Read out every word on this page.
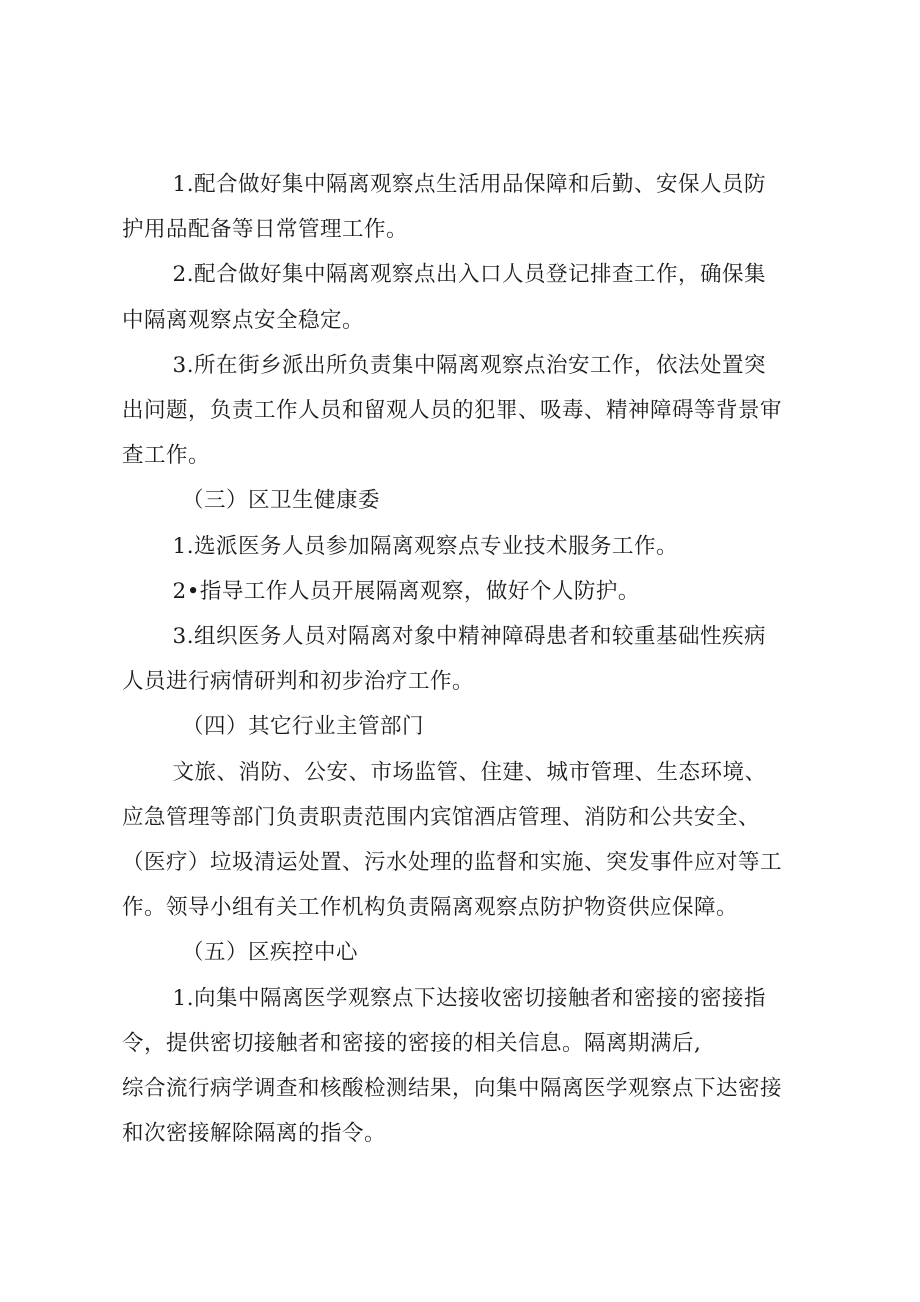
1.配合做好集中隔离观察点生活用品保障和后勤、安保人员防
护用品配备等日常管理工作。

2.配合做好集中隔离观察点出入口人员登记排查工作，确保集
中隔离观察点安全稳定。

3.所在街乡派出所负责集中隔离观察点治安工作，依法处置突
出问题，负责工作人员和留观人员的犯罪、吸毒、精神障碍等背景审
查工作。

（三）区卫生健康委

1.选派医务人员参加隔离观察点专业技术服务工作。

2•指导工作人员开展隔离观察，做好个人防护。

3.组织医务人员对隔离对象中精神障碍患者和较重基础性疾病
人员进行病情研判和初步治疗工作。

（四）其它行业主管部门

文旅、消防、公安、市场监管、住建、城市管理、生态环境、
应急管理等部门负责职责范围内宾馆酒店管理、消防和公共安全、
（医疗）垃圾清运处置、污水处理的监督和实施、突发事件应对等工
作。领导小组有关工作机构负责隔离观察点防护物资供应保障。

（五）区疾控中心

1.向集中隔离医学观察点下达接收密切接触者和密接的密接指
令，提供密切接触者和密接的密接的相关信息。隔离期满后,
综合流行病学调查和核酸检测结果，向集中隔离医学观察点下达密接
和次密接解除隔离的指令。
